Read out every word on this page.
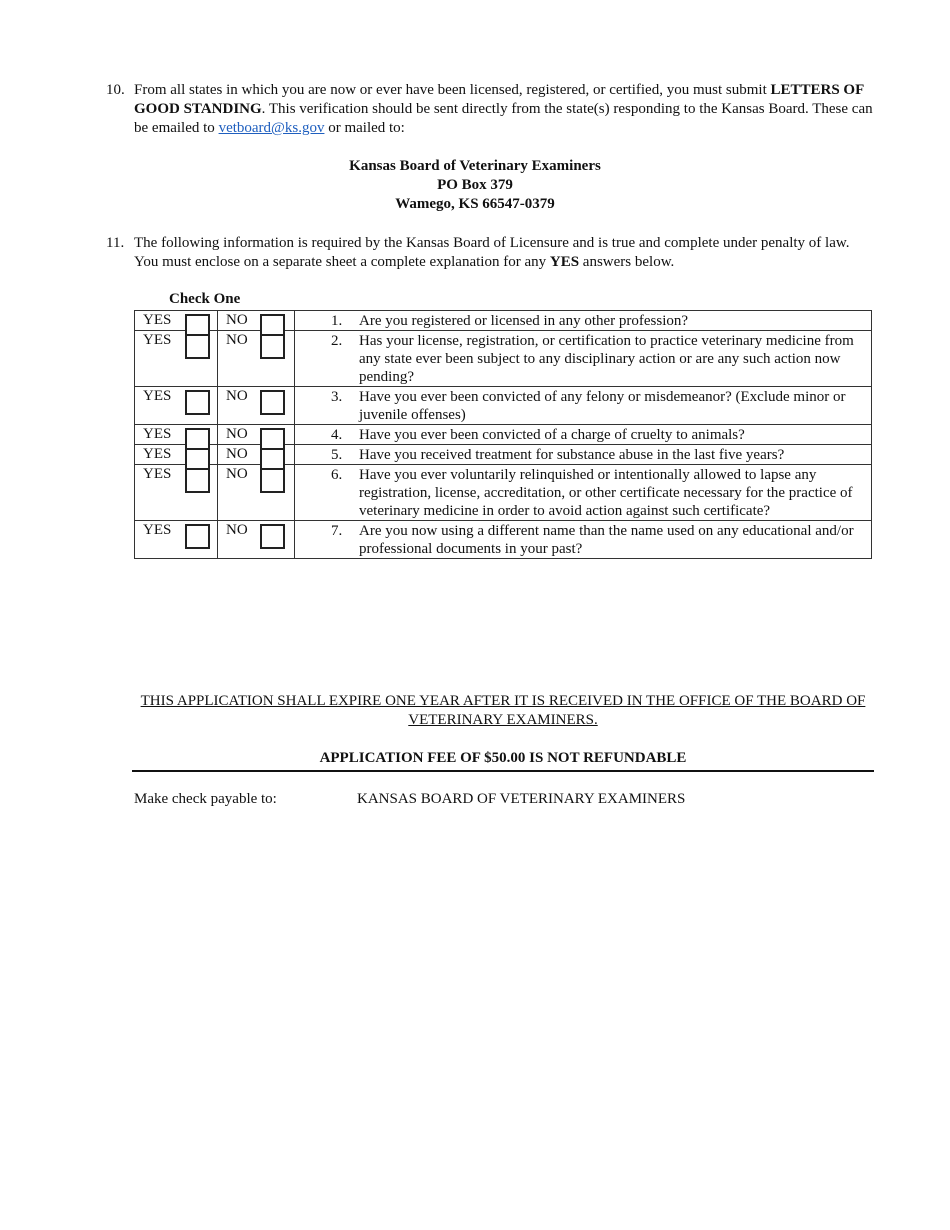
10. From all states in which you are now or ever have been licensed, registered, or certified, you must submit LETTERS OF GOOD STANDING. This verification should be sent directly from the state(s) responding to the Kansas Board. These can be emailed to vetboard@ks.gov or mailed to:
Kansas Board of Veterinary Examiners
PO Box 379
Wamego, KS 66547-0379
11. The following information is required by the Kansas Board of Licensure and is true and complete under penalty of law. You must enclose on a separate sheet a complete explanation for any YES answers below.
Check One
YES	NO	1. Are you registered or licensed in any other profession?

YES	NO	2. Has your license, registration, or certification to practice veterinary medicine from any state ever been subject to any disciplinary action or are any such action now pending?

YES	NO	3. Have you ever been convicted of any felony or misdemeanor? (Exclude minor or juvenile offenses)

YES	NO	4. Have you ever been convicted of a charge of cruelty to animals?

YES	NO	5. Have you received treatment for substance abuse in the last five years?

YES	NO	6. Have you ever voluntarily relinquished or intentionally allowed to lapse any registration, license, accreditation, or other certificate necessary for the practice of veterinary medicine in order to avoid action against such certificate?

YES	NO	7. Are you now using a different name than the name used on any educational and/or professional documents in your past?
THIS APPLICATION SHALL EXPIRE ONE YEAR AFTER IT IS RECEIVED IN THE OFFICE OF THE BOARD OF VETERINARY EXAMINERS.
APPLICATION FEE OF $50.00 IS NOT REFUNDABLE
Make check payable to:	KANSAS BOARD OF VETERINARY EXAMINERS
